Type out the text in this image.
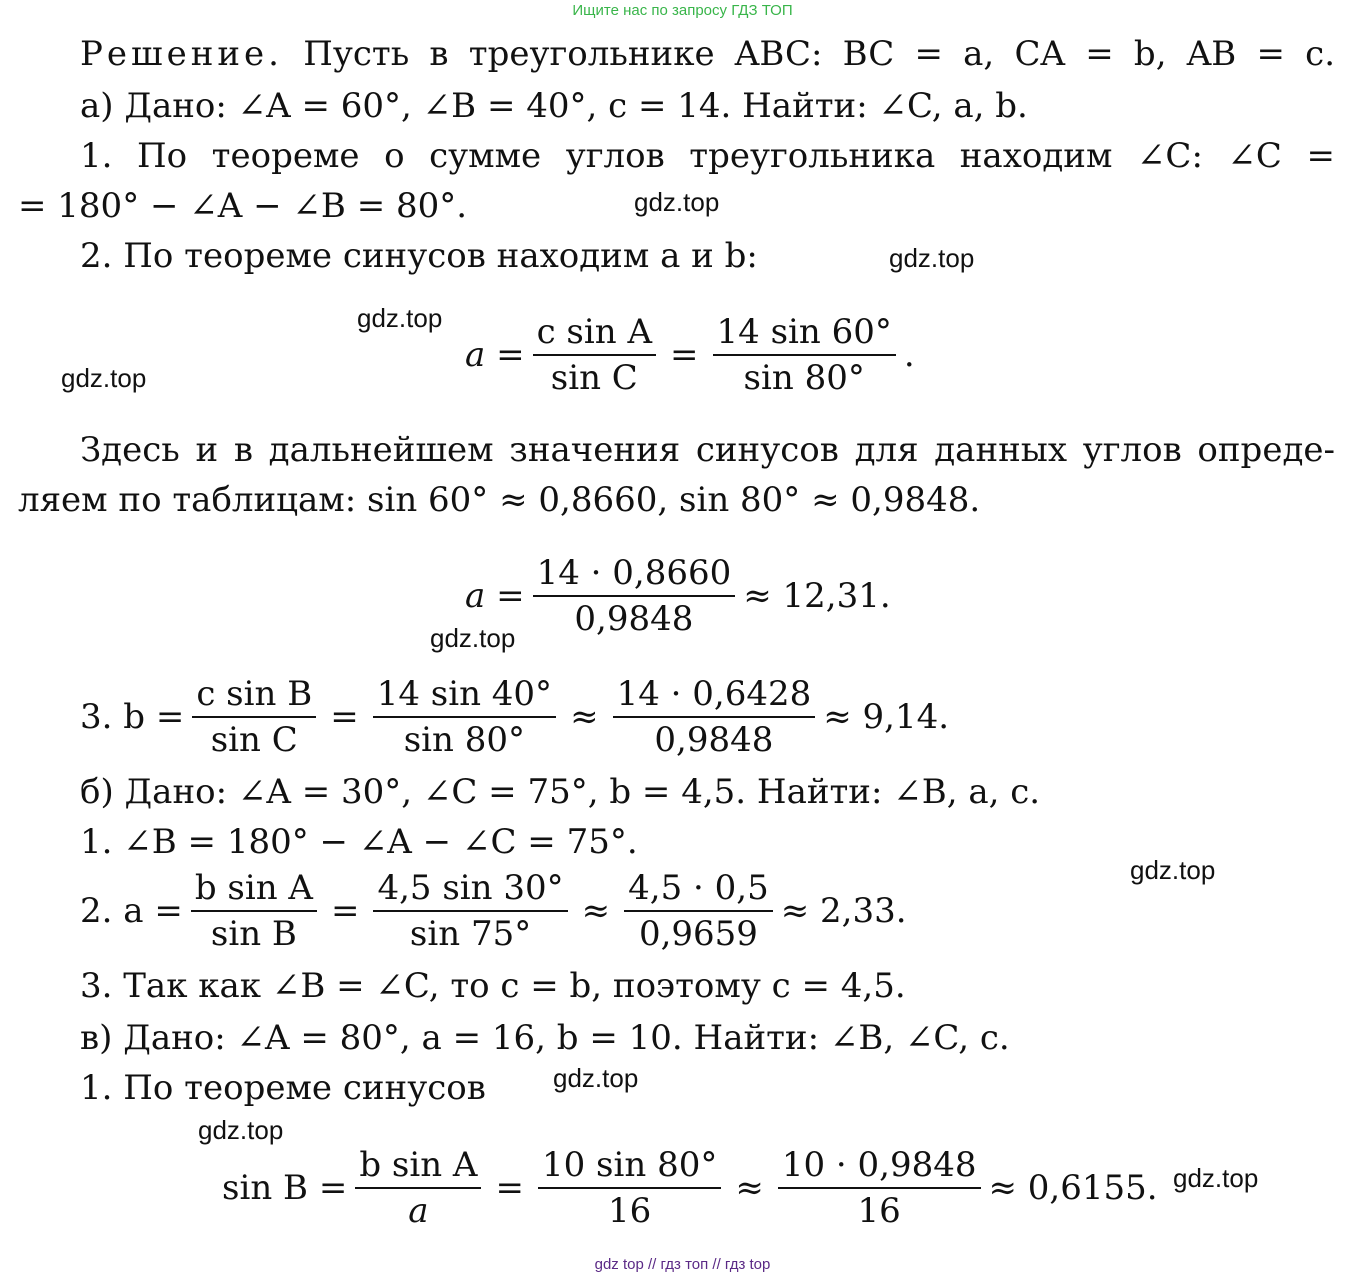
Ищите нас по запросу ГДЗ ТОП
Решение. Пусть в треугольнике ABC: BC = a, CA = b, AB = c.
а) Дано: ∠A = 60°, ∠B = 40°, c = 14. Найти: ∠C, a, b.
1. По теореме о сумме углов треугольника находим ∠C: ∠C =
= 180° − ∠A − ∠B = 80°.
2. По теореме синусов находим a и b:
$a = \frac{\text{c sin A}}{\text{sin C}} = \frac{14 \sin 60^\circ}{\sin 80^\circ}$ .
Здесь и в дальнейшем значения синусов для данных углов опреде-
ляем по таблицам: sin 60° ≈ 0,8660, sin 80° ≈ 0,9848.
$a = \frac{14 \cdot 0,8660}{0,9848} \approx 12,31$.
3. $b = \frac{\text{c sin B}}{\text{sin C}} = \frac{14 \sin 40^\circ}{\sin 80^\circ} \approx \frac{14 \cdot 0,6428}{0,9848} \approx 9,14$.
б) Дано: ∠A = 30°, ∠C = 75°, b = 4,5. Найти: ∠B, a, c.
1. ∠B = 180° − ∠A − ∠C = 75°.
2. $a = \frac{\text{b sin A}}{\text{sin B}} = \frac{4,5 \sin 30^\circ}{\sin 75^\circ} \approx \frac{4,5 \cdot 0,5}{0,9659} \approx 2,33$.
3. Так как ∠B = ∠C, то c = b, поэтому c = 4,5.
в) Дано: ∠A = 80°, a = 16, b = 10. Найти: ∠B, ∠C, c.
1. По теореме синусов
$\sin B = \frac{\text{b sin A}}{a} = \frac{10 \sin 80^\circ}{16} \approx \frac{10 \cdot 0,9848}{16} \approx 0,6155$.
gdz.top
gdz.top
gdz.top
gdz.top
gdz.top
gdz.top
gdz.top
gdz.top
gdz.top
gdz top // гдз топ // гдз top
